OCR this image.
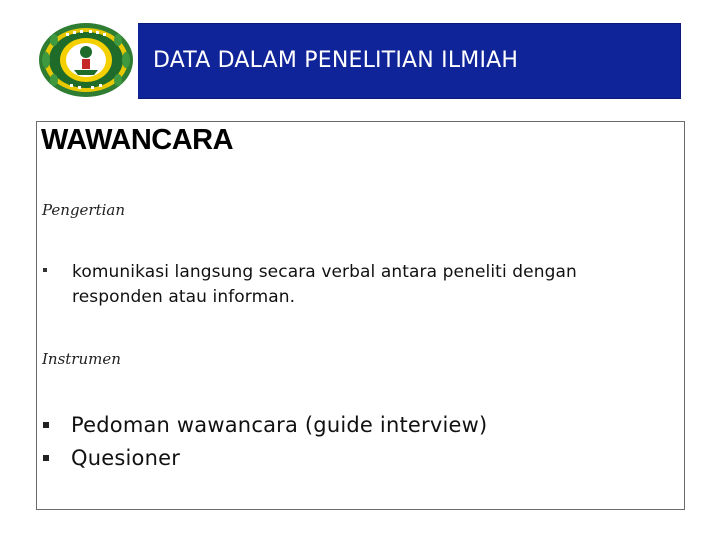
DATA DALAM PENELITIAN ILMIAH
WAWANCARA
Pengertian
komunikasi langsung secara verbal antara peneliti dengan responden atau informan.
Instrumen
Pedoman wawancara (guide interview)
Quesioner
